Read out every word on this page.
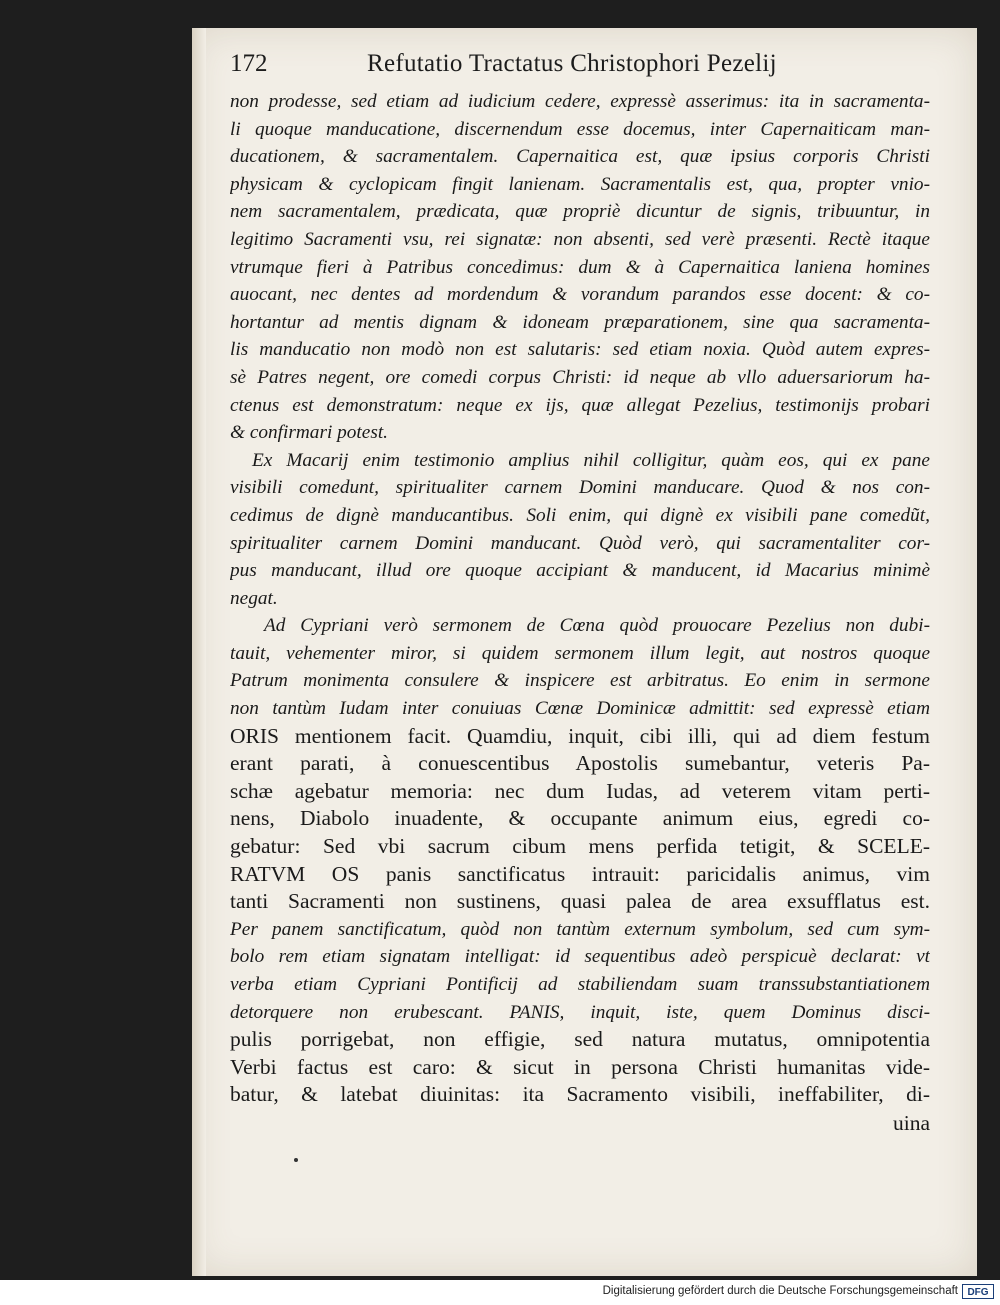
172	Refutatio Tractatus Christophori Pezelij
non prodesse, sed etiam ad iudicium cedere, expressè asserimus: ita in sacramenta-
li quoque manducatione, discernendum esse docemus, inter Capernaiticam man-
ducationem, & sacramentalem. Capernaitica est, quæ ipsius corporis Christi
physicam & cyclopicam fingit lanienam. Sacramentalis est, qua, propter vnio-
nem sacramentalem, prædicata, quæ propriè dicuntur de signis, tribuuntur, in
legitimo Sacramenti vsu, rei signatæ: non absenti, sed verè præsenti. Rectè itaque
vtrumque fieri à Patribus concedimus: dum & à Capernaitica laniena homines
auocant, nec dentes ad mordendum & vorandum parandos esse docent: & co-
hortantur ad mentis dignam & idoneam præparationem, sine qua sacramenta-
lis manducatio non modò non est salutaris: sed etiam noxia. Quòd autem expres-
sè Patres negent, ore comedi corpus Christi: id neque ab vllo aduersariorum ha-
ctenus est demonstratum: neque ex ijs, quæ allegat Pezelius, testimonijs probari
& confirmari potest.
Ex Macarij enim testimonio amplius nihil colligitur, quàm eos, qui ex pane
visibili comedunt, spiritualiter carnem Domini manducare. Quod & nos con-
cedimus de dignè manducantibus. Soli enim, qui dignè ex visibili pane comedũt,
spiritualiter carnem Domini manducant. Quòd verò, qui sacramentaliter cor-
pus manducant, illud ore quoque accipiant & manducent, id Macarius minimè
negat.
Ad Cypriani verò sermonem de Cœna quòd prouocare Pezelius non dubi-
tauit, vehementer miror, si quidem sermonem illum legit, aut nostros quoque
Patrum monimenta consulere & inspicere est arbitratus. Eo enim in sermone
non tantùm Iudam inter conuiuas Cœnæ Dominicæ admittit: sed expressè etiam
ORIS mentionem facit. Quamdiu, inquit, cibi illi, qui ad diem festum
erant parati, à conuescentibus Apostolis sumebantur, veteris Pa-
schæ agebatur memoria: nec dum Iudas, ad veterem vitam perti-
nens, Diabolo inuadente, & occupante animum eius, egredi co-
gebatur: Sed vbi sacrum cibum mens perfida tetigit, & SCELE-
RATVM OS panis sanctificatus intrauit: paricidalis animus, vim
tanti Sacramenti non sustinens, quasi palea de area exsufflatus est.
Per panem sanctificatum, quòd non tantùm externum symbolum, sed cum sym-
bolo rem etiam signatam intelligat: id sequentibus adeò perspicuè declarat: vt
verba etiam Cypriani Pontificij ad stabiliendam suam transsubstantiationem
detorquere non erubescant. PANIS, inquit, iste, quem Dominus disci-
pulis porrigebat, non effigie, sed natura mutatus, omnipotentia
Verbi factus est caro: & sicut in persona Christi humanitas vide-
batur, & latebat diuinitas: ita Sacramento visibili, ineffabiliter, di-
uina
Digitalisierung gefördert durch die Deutsche Forschungsgemeinschaft DFG
